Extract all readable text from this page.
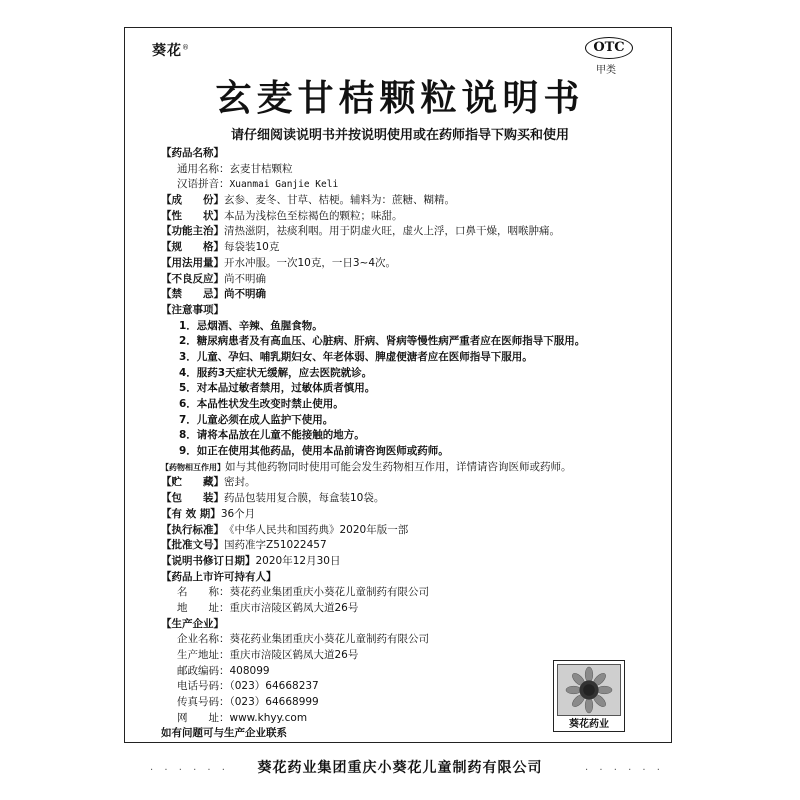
葵花®	OTC
甲类
玄麦甘桔颗粒说明书
请仔细阅读说明书并按说明使用或在药师指导下购买和使用
【药品名称】
通用名称：玄麦甘桔颗粒
汉语拼音：Xuanmai Ganjie Keli
【成　　份】玄参、麦冬、甘草、桔梗。辅料为：蔗糖、糊精。
【性　　状】本品为浅棕色至棕褐色的颗粒；味甜。
【功能主治】清热滋阴，祛痰利咽。用于阴虚火旺，虚火上浮，口鼻干燥，咽喉肿痛。
【规　　格】每袋装10克
【用法用量】开水冲服。一次10克，一日3~4次。
【不良反应】尚不明确
【禁　　忌】尚不明确
【注意事项】
1．忌烟酒、辛辣、鱼腥食物。
2．糖尿病患者及有高血压、心脏病、肝病、肾病等慢性病严重者应在医师指导下服用。
3．儿童、孕妇、哺乳期妇女、年老体弱、脾虚便溏者应在医师指导下服用。
4．服药3天症状无缓解，应去医院就诊。
5．对本品过敏者禁用，过敏体质者慎用。
6．本品性状发生改变时禁止使用。
7．儿童必须在成人监护下使用。
8．请将本品放在儿童不能接触的地方。
9．如正在使用其他药品，使用本品前请咨询医师或药师。
【药物相互作用】如与其他药物同时使用可能会发生药物相互作用，详情请咨询医师或药师。
【贮　　藏】密封。
【包　　装】药品包装用复合膜，每盒装10袋。
【有 效 期】36个月
【执行标准】《中华人民共和国药典》2020年版一部
【批准文号】国药准字Z51022457
【说明书修订日期】2020年12月30日
【药品上市许可持有人】
名　　称：葵花药业集团重庆小葵花儿童制药有限公司
地　　址：重庆市涪陵区鹤凤大道26号
【生产企业】
企业名称：葵花药业集团重庆小葵花儿童制药有限公司
生产地址：重庆市涪陵区鹤凤大道26号
邮政编码：408099
电话号码：（023）64668237
传真号码：（023）64668999
网　　址：www.khyy.com
如有问题可与生产企业联系
葵花药业
· · · · · ·	葵花药业集团重庆小葵花儿童制药有限公司	· · · · · ·
